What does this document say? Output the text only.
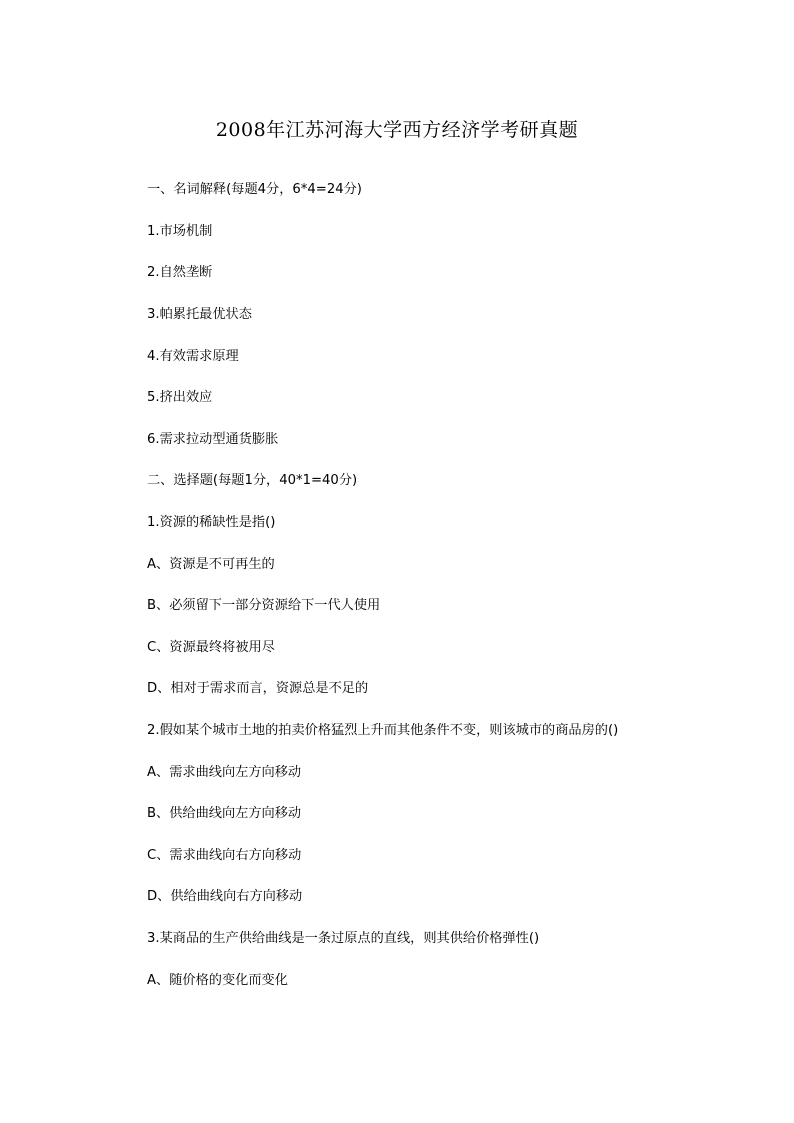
2008年江苏河海大学西方经济学考研真题
一、名词解释(每题4分，6*4=24分)
1.市场机制
2.自然垄断
3.帕累托最优状态
4.有效需求原理
5.挤出效应
6.需求拉动型通货膨胀
二、选择题(每题1分，40*1=40分)
1.资源的稀缺性是指()
A、资源是不可再生的
B、必须留下一部分资源给下一代人使用
C、资源最终将被用尽
D、相对于需求而言，资源总是不足的
2.假如某个城市土地的拍卖价格猛烈上升而其他条件不变，则该城市的商品房的()
A、需求曲线向左方向移动
B、供给曲线向左方向移动
C、需求曲线向右方向移动
D、供给曲线向右方向移动
3.某商品的生产供给曲线是一条过原点的直线，则其供给价格弹性()
A、随价格的变化而变化
